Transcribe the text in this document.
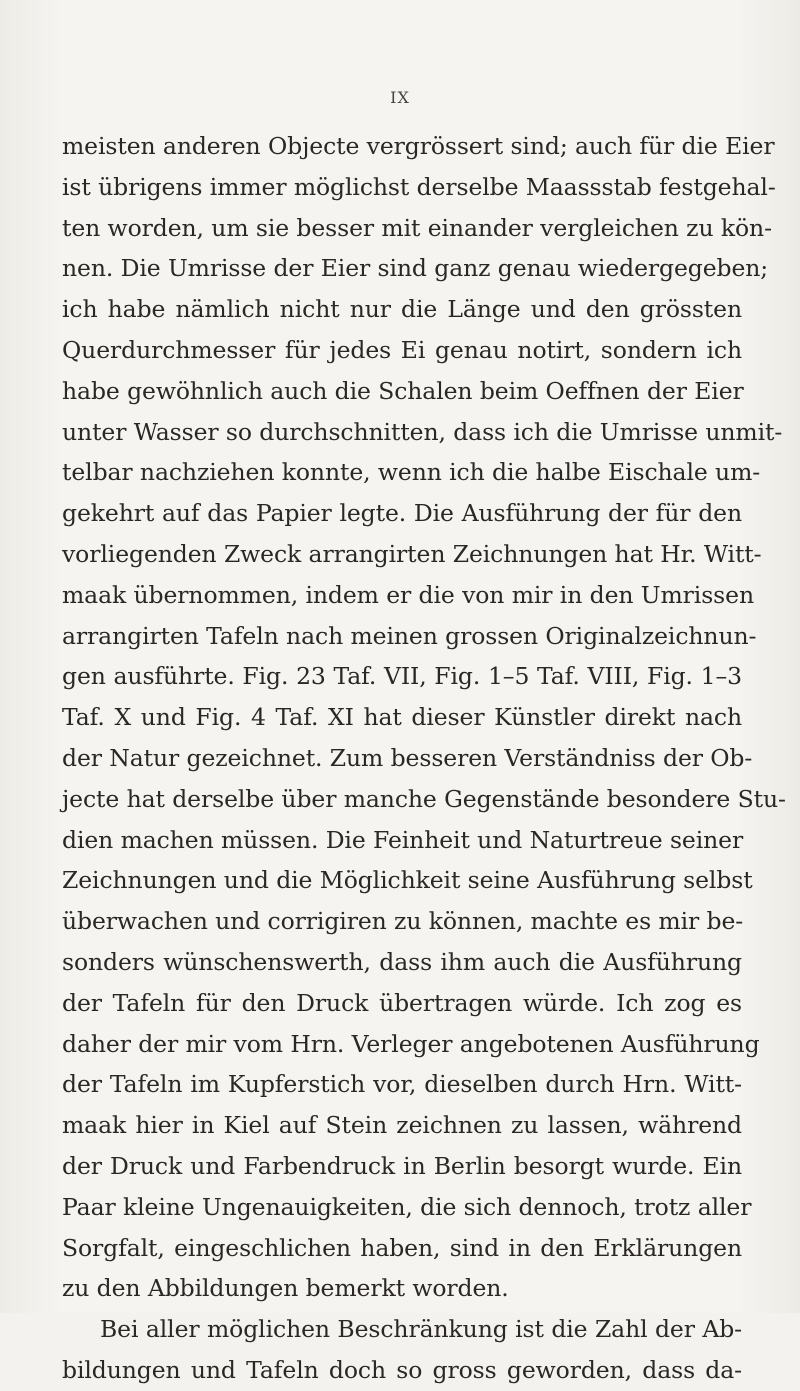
IX
meisten anderen Objecte vergrössert sind; auch für die Eier
ist übrigens immer möglichst derselbe Maassstab festgehal-
ten worden, um sie besser mit einander vergleichen zu kön-
nen. Die Umrisse der Eier sind ganz genau wiedergegeben;
ich habe nämlich nicht nur die Länge und den grössten
Querdurchmesser für jedes Ei genau notirt, sondern ich
habe gewöhnlich auch die Schalen beim Oeffnen der Eier
unter Wasser so durchschnitten, dass ich die Umrisse unmit-
telbar nachziehen konnte, wenn ich die halbe Eischale um-
gekehrt auf das Papier legte. Die Ausführung der für den
vorliegenden Zweck arrangirten Zeichnungen hat Hr. Witt-
maak übernommen, indem er die von mir in den Umrissen
arrangirten Tafeln nach meinen grossen Originalzeichnun-
gen ausführte. Fig. 23 Taf. VII, Fig. 1–5 Taf. VIII, Fig. 1–3
Taf. X und Fig. 4 Taf. XI hat dieser Künstler direkt nach
der Natur gezeichnet. Zum besseren Verständniss der Ob-
jecte hat derselbe über manche Gegenstände besondere Stu-
dien machen müssen. Die Feinheit und Naturtreue seiner
Zeichnungen und die Möglichkeit seine Ausführung selbst
überwachen und corrigiren zu können, machte es mir be-
sonders wünschenswerth, dass ihm auch die Ausführung
der Tafeln für den Druck übertragen würde. Ich zog es
daher der mir vom Hrn. Verleger angebotenen Ausführung
der Tafeln im Kupferstich vor, dieselben durch Hrn. Witt-
maak hier in Kiel auf Stein zeichnen zu lassen, während
der Druck und Farbendruck in Berlin besorgt wurde. Ein
Paar kleine Ungenauigkeiten, die sich dennoch, trotz aller
Sorgfalt, eingeschlichen haben, sind in den Erklärungen
zu den Abbildungen bemerkt worden.
Bei aller möglichen Beschränkung ist die Zahl der Ab-
bildungen und Tafeln doch so gross geworden, dass da-
